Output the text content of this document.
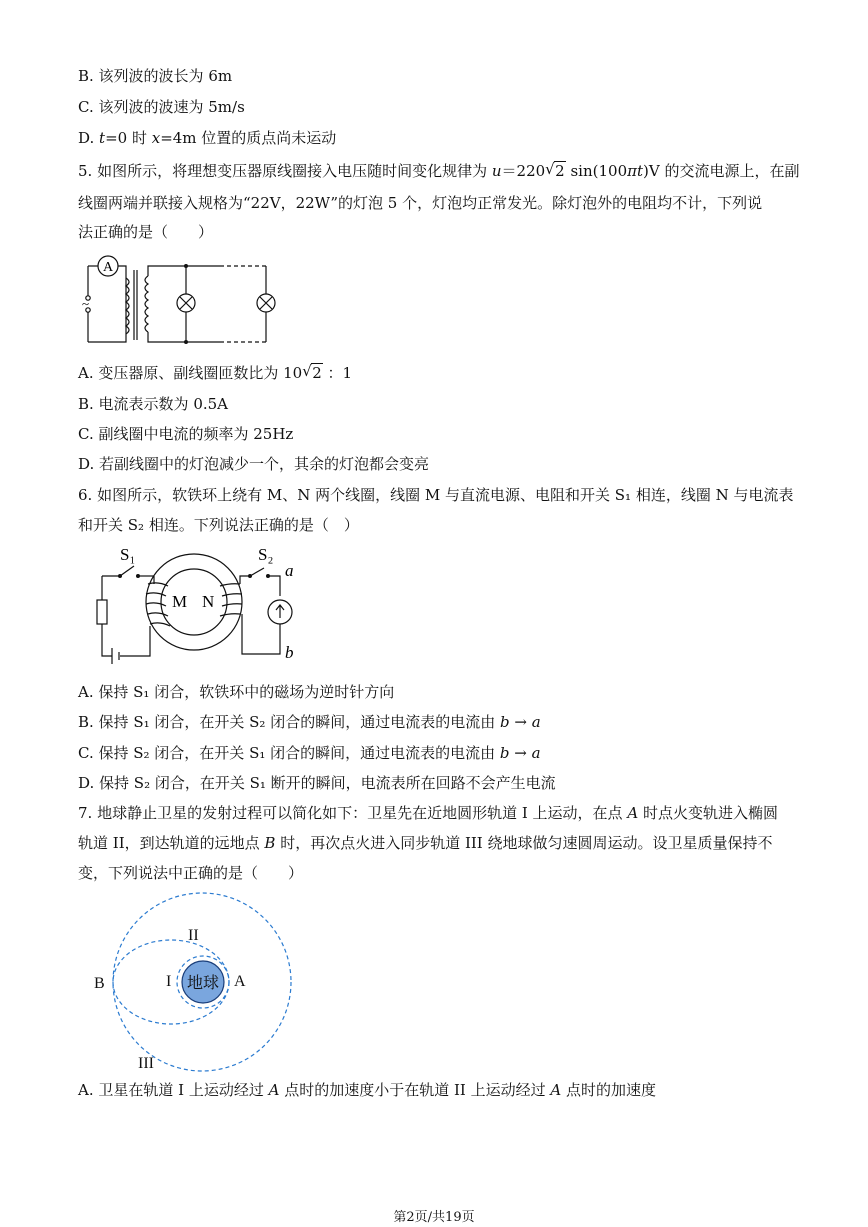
B. 该列波的波长为 6m
C. 该列波的波速为 5m/s
D. t=0 时 x=4m 位置的质点尚未运动
5. 如图所示，将理想变压器原线圈接入电压随时间变化规律为 u＝220 √ 2 sin(100πt)V 的交流电源上，在副
线圈两端并联接入规格为“22V，22W”的灯泡 5 个，灯泡均正常发光。除灯泡外的电阻均不计，下列说
法正确的是（　　）
A
~
A. 变压器原、副线圈匝数比为 10 √ 2 ：1
B. 电流表示数为 0.5A
C. 副线圈中电流的频率为 25Hz
D. 若副线圈中的灯泡减少一个，其余的灯泡都会变亮
6. 如图所示，软铁环上绕有 M、N 两个线圈，线圈 M 与直流电源、电阻和开关 S₁ 相连，线圈 N 与电流表
和开关 S₂ 相连。下列说法正确的是（　）
S₁	S₂
M N
a
b
A. 保持 S₁ 闭合，软铁环中的磁场为逆时针方向
B. 保持 S₁ 闭合，在开关 S₂ 闭合的瞬间，通过电流表的电流由 b → a
C. 保持 S₂ 闭合，在开关 S₁ 闭合的瞬间，通过电流表的电流由 b → a
D. 保持 S₂ 闭合，在开关 S₁ 断开的瞬间，电流表所在回路不会产生电流
7. 地球静止卫星的发射过程可以简化如下：卫星先在近地圆形轨道 I 上运动，在点 A 时点火变轨进入椭圆
轨道 II，到达轨道的远地点 B 时，再次点火进入同步轨道 III 绕地球做匀速圆周运动。设卫星质量保持不
变，下列说法中正确的是（　　）
地球
B	A
I
II
III
A. 卫星在轨道 I 上运动经过 A 点时的加速度小于在轨道 II 上运动经过 A 点时的加速度
第2页/共19页
